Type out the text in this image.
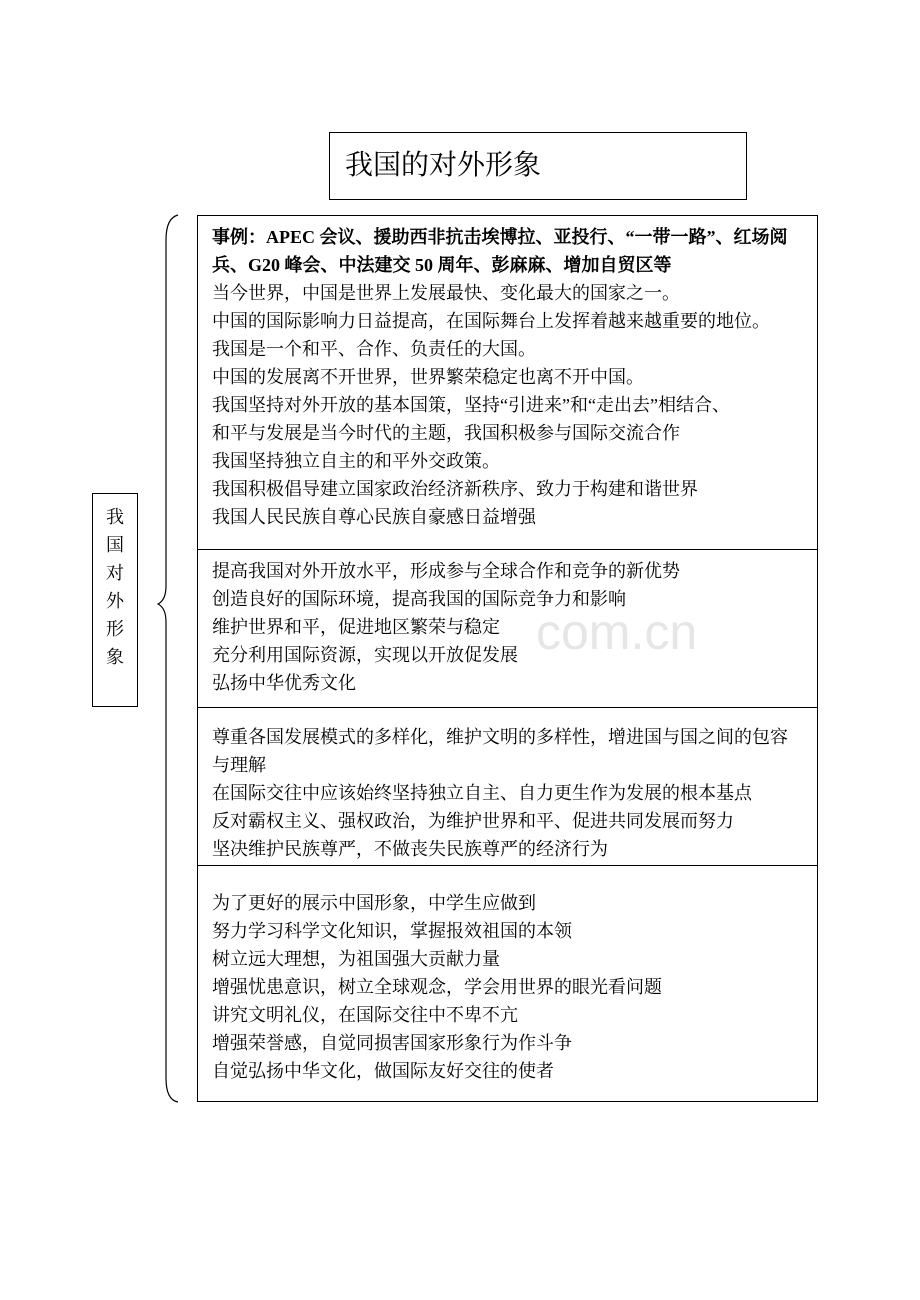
我国的对外形象
我国对外形象	com.cn
事例：APEC 会议、援助西非抗击埃博拉、亚投行、“一带一路”、红场阅
兵、G20 峰会、中法建交 50 周年、彭麻麻、增加自贸区等
当今世界，中国是世界上发展最快、变化最大的国家之一。
中国的国际影响力日益提高，在国际舞台上发挥着越来越重要的地位。
我国是一个和平、合作、负责任的大国。
中国的发展离不开世界，世界繁荣稳定也离不开中国。
我国坚持对外开放的基本国策，坚持“引进来”和“走出去”相结合、
和平与发展是当今时代的主题，我国积极参与国际交流合作
我国坚持独立自主的和平外交政策。
我国积极倡导建立国家政治经济新秩序、致力于构建和谐世界
我国人民民族自尊心民族自豪感日益增强
提高我国对外开放水平，形成参与全球合作和竞争的新优势
创造良好的国际环境，提高我国的国际竞争力和影响
维护世界和平，促进地区繁荣与稳定
充分利用国际资源，实现以开放促发展
弘扬中华优秀文化
尊重各国发展模式的多样化，维护文明的多样性，增进国与国之间的包容
与理解
在国际交往中应该始终坚持独立自主、自力更生作为发展的根本基点
反对霸权主义、强权政治，为维护世界和平、促进共同发展而努力
坚决维护民族尊严，不做丧失民族尊严的经济行为
为了更好的展示中国形象，中学生应做到
努力学习科学文化知识，掌握报效祖国的本领
树立远大理想，为祖国强大贡献力量
增强忧患意识，树立全球观念，学会用世界的眼光看问题
讲究文明礼仪，在国际交往中不卑不亢
增强荣誉感，自觉同损害国家形象行为作斗争
自觉弘扬中华文化，做国际友好交往的使者
